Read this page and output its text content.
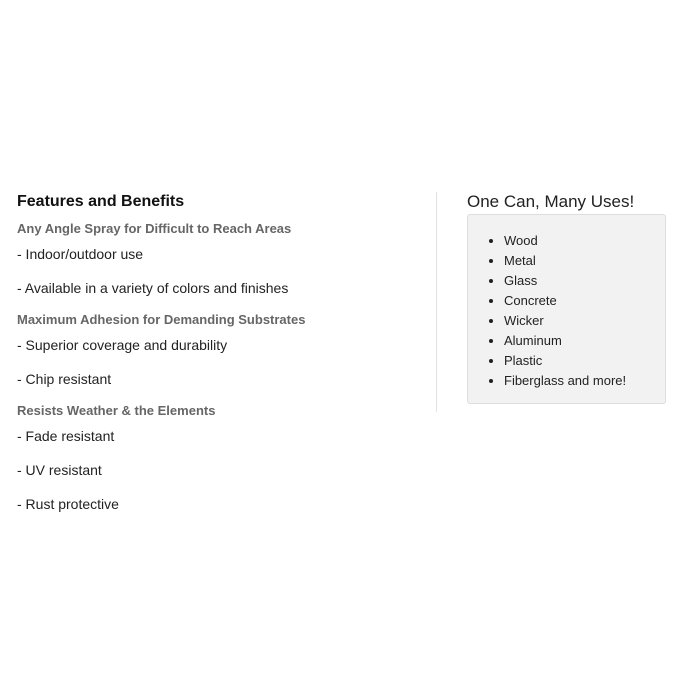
Features and Benefits
Any Angle Spray for Difficult to Reach Areas
- Indoor/outdoor use
- Available in a variety of colors and finishes
Maximum Adhesion for Demanding Substrates
- Superior coverage and durability
- Chip resistant
Resists Weather & the Elements
- Fade resistant
- UV resistant
- Rust protective
One Can, Many Uses!
• Wood
• Metal
• Glass
• Concrete
• Wicker
• Aluminum
• Plastic
• Fiberglass and more!
